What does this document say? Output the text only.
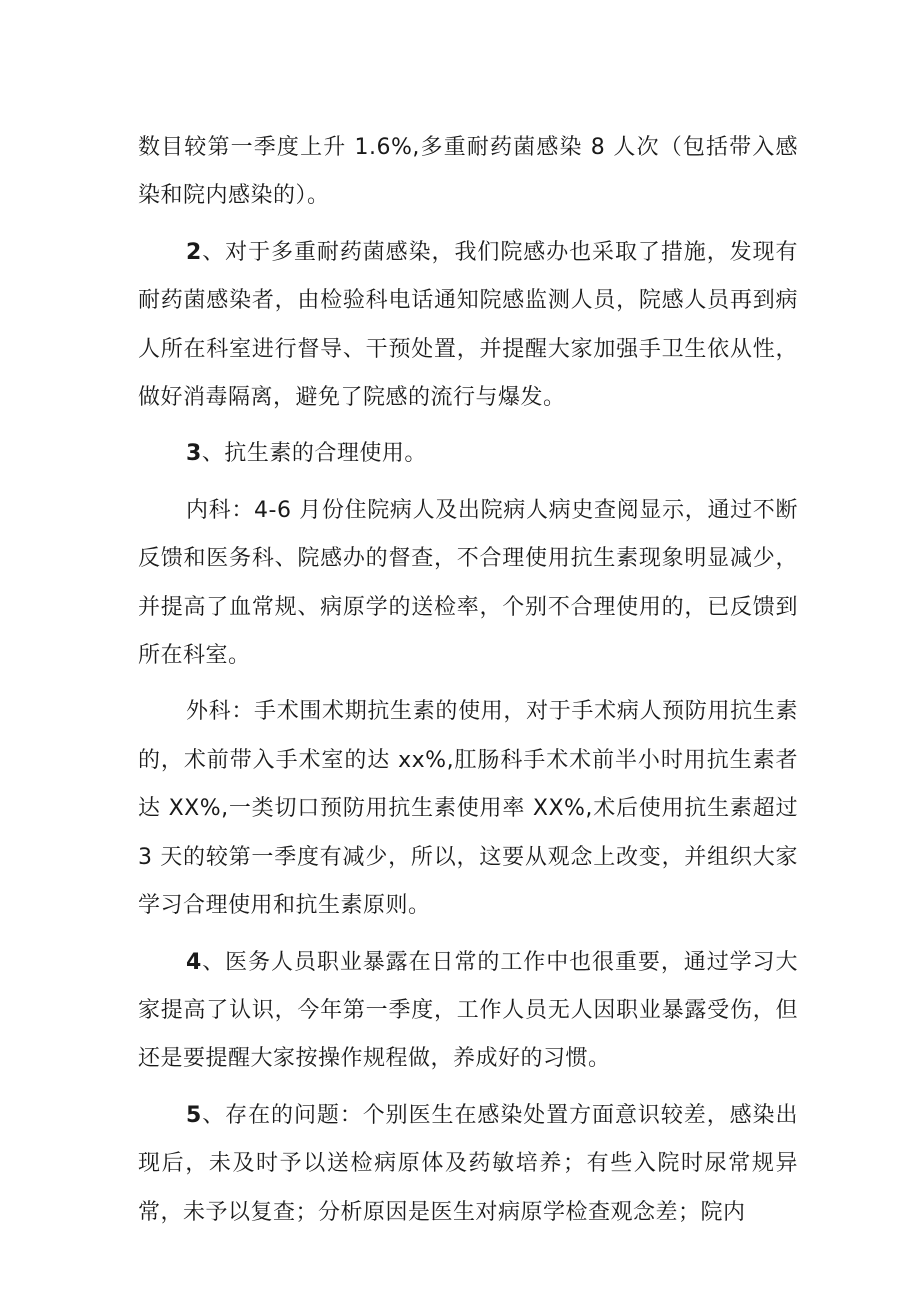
数目较第一季度上升 1.6%,多重耐药菌感染 8 人次（包括带入感染和院内感染的）。

2、对于多重耐药菌感染，我们院感办也采取了措施，发现有耐药菌感染者，由检验科电话通知院感监测人员，院感人员再到病人所在科室进行督导、干预处置，并提醒大家加强手卫生依从性，做好消毒隔离，避免了院感的流行与爆发。

3、抗生素的合理使用。

内科：4-6 月份住院病人及出院病人病史查阅显示，通过不断反馈和医务科、院感办的督查，不合理使用抗生素现象明显减少，并提高了血常规、病原学的送检率，个别不合理使用的，已反馈到所在科室。

外科：手术围术期抗生素的使用，对于手术病人预防用抗生素的，术前带入手术室的达 xx%,肛肠科手术术前半小时用抗生素者达 XX%,一类切口预防用抗生素使用率 XX%,术后使用抗生素超过 3 天的较第一季度有减少，所以，这要从观念上改变，并组织大家学习合理使用和抗生素原则。

4、医务人员职业暴露在日常的工作中也很重要，通过学习大家提高了认识，今年第一季度，工作人员无人因职业暴露受伤，但还是要提醒大家按操作规程做，养成好的习惯。

5、存在的问题：个别医生在感染处置方面意识较差，感染出现后，未及时予以送检病原体及药敏培养；有些入院时尿常规异常，未予以复查；分析原因是医生对病原学检查观念差；院内
